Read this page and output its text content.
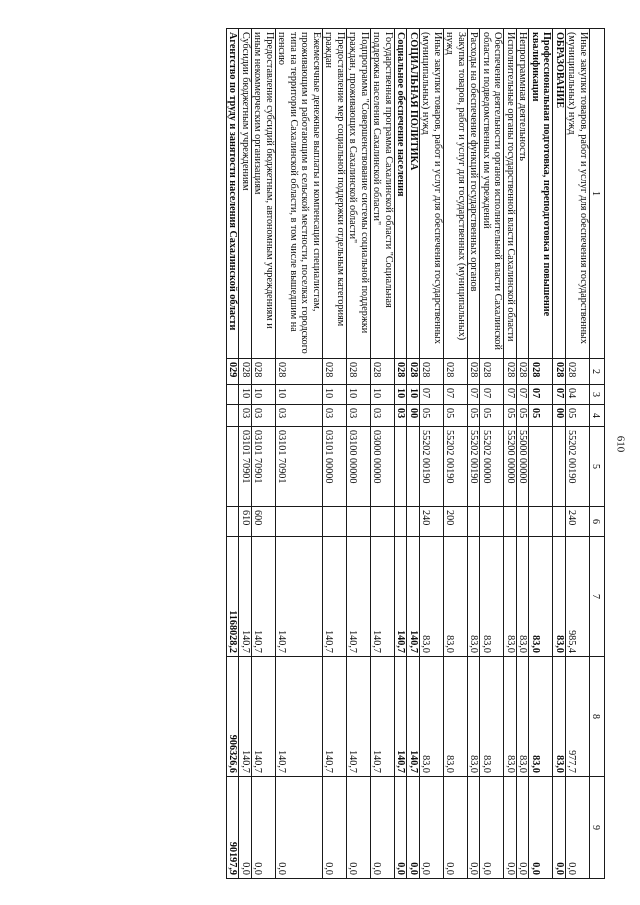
610
1	2	3	4	5	6	7	8	9
Иные закупки товаров, работ и услуг для обеспечения государственных (муниципальных) нужд	028	04	05	55202 00190	240	985,4	977,7	0,0
ОБРАЗОВАНИЕ	028	07	00			83,0	83,0	0,0
Профессиональная подготовка, переподготовка и повышение квалификации	028	07	05			83,0	83,0	0,0
Непрограммная деятельность	028	07	05	55000 00000		83,0	83,0	0,0
Исполнительные органы государственной власти Сахалинской области	028	07	05	55200 00000		83,0	83,0	0,0
Обеспечение деятельности органов исполнительной власти Сахалинской области и подведомственных им учреждений	028	07	05	55202 00000		83,0	83,0	0,0
Расходы на обеспечение функций государственных органов	028	07	05	55202 00190		83,0	83,0	0,0
Закупка товаров, работ и услуг для государственных (муниципальных) нужд	028	07	05	55202 00190	200	83,0	83,0	0,0
Иные закупки товаров, работ и услуг для обеспечения государственных (муниципальных) нужд	028	07	05	55202 00190	240	83,0	83,0	0,0
СОЦИАЛЬНАЯ ПОЛИТИКА	028	10	00			140,7	140,7	0,0
Социальное обеспечение населения	028	10	03			140,7	140,7	0,0
Государственная программа Сахалинской области "Социальная поддержка населения Сахалинской области"	028	10	03	03000 00000		140,7	140,7	0,0
Подпрограмма "Совершенствование системы социальной поддержки граждан, проживающих в Сахалинской области"	028	10	03	03100 00000		140,7	140,7	0,0
Предоставление мер социальной поддержки отдельным категориям граждан	028	10	03	03101 00000		140,7	140,7	0,0
Ежемесячные денежные выплаты и компенсации специалистам, проживающим и работающим в сельской местности, поселках городского типа на территории Сахалинской области, в том числе вышедшим на пенсию	028	10	03	03101 70901		140,7	140,7	0,0
Предоставление субсидий бюджетным, автономным учреждениям и иным некоммерческим организациям	028	10	03	03101 70901	600	140,7	140,7	0,0
Субсидии бюджетным учреждениям	028	10	03	03101 70901	610	140,7	140,7	0,0
Агентство по труду и занятости населения Сахалинской области	029					1168028,2	906326,6	90197,9
